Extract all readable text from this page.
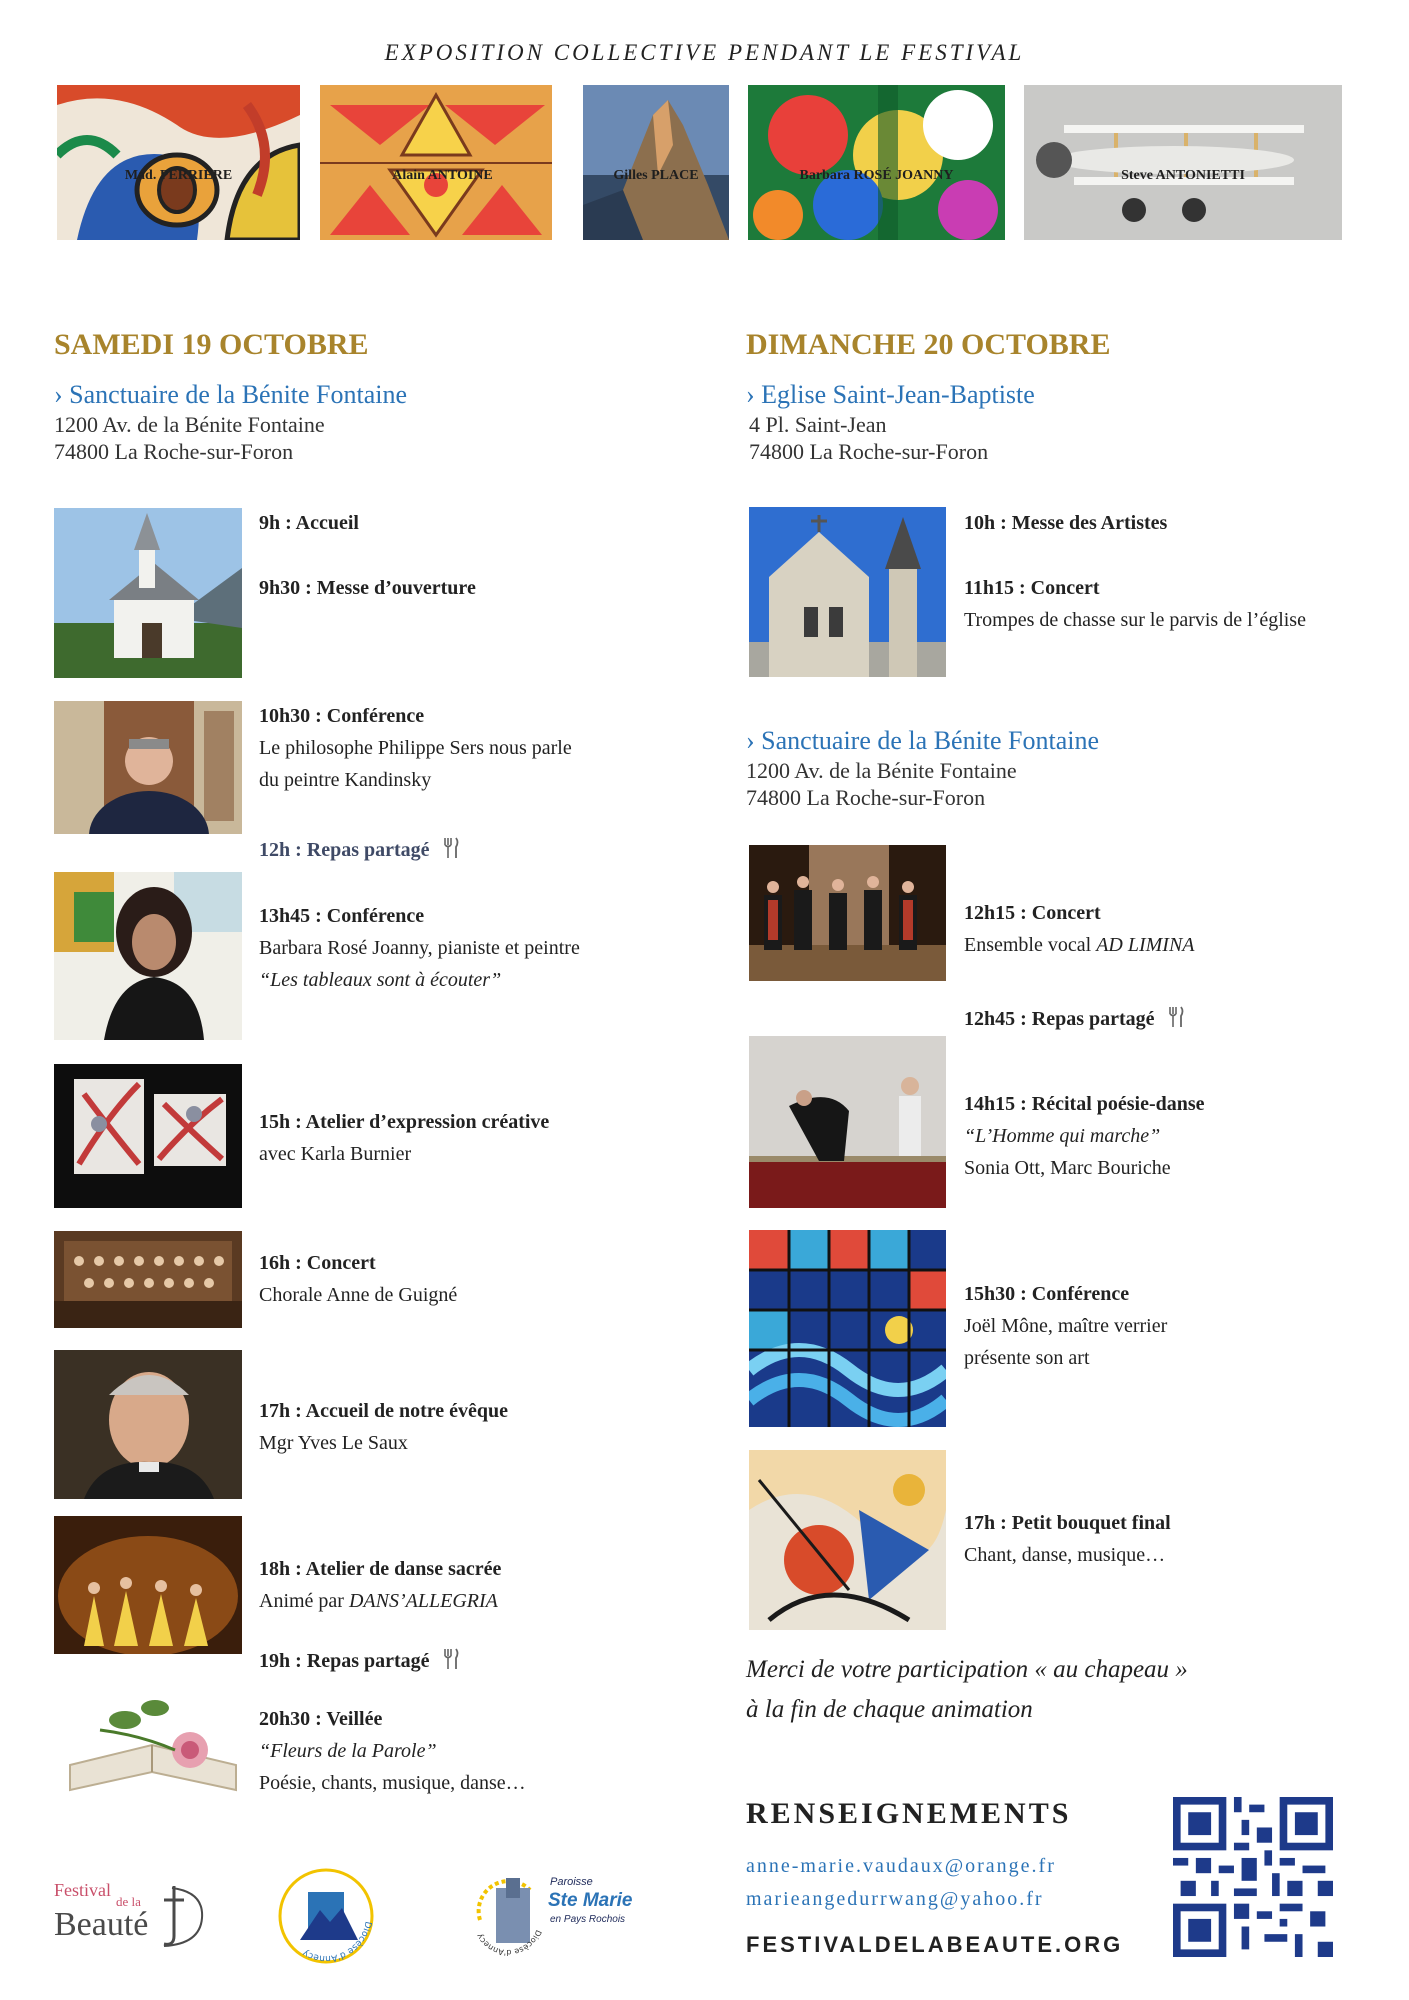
EXPOSITION COLLECTIVE PENDANT LE FESTIVAL
Mad. PERRIÈRE	Alain ANTOINE	Gilles PLACE	Barbara ROSÉ JOANNY	Steve ANTONIETTI
SAMEDI 19 OCTOBRE
› Sanctuaire de la Bénite Fontaine
1200 Av. de la Bénite Fontaine
74800 La Roche-sur-Foron
9h : Accueil
9h30 : Messe d’ouverture
10h30 : Conférence
Le philosophe Philippe Sers nous parle
du peintre Kandinsky
12h : Repas partagé
13h45 : Conférence
Barbara Rosé Joanny, pianiste et peintre
“Les tableaux sont à écouter”
15h : Atelier d’expression créative
avec Karla Burnier
16h : Concert
Chorale Anne de Guigné
17h : Accueil de notre évêque
Mgr Yves Le Saux
18h : Atelier de danse sacrée
Animé par DANS’ALLEGRIA
19h : Repas partagé
20h30 : Veillée
“Fleurs de la Parole”
Poésie, chants, musique, danse…
DIMANCHE 20 OCTOBRE
› Eglise Saint-Jean-Baptiste
4 Pl. Saint-Jean
74800 La Roche-sur-Foron
10h : Messe des Artistes
11h15 : Concert
Trompes de chasse sur le parvis de l’église
› Sanctuaire de la Bénite Fontaine
1200 Av. de la Bénite Fontaine
74800 La Roche-sur-Foron
12h15 : Concert
Ensemble vocal AD LIMINA
12h45 : Repas partagé
14h15 : Récital poésie-danse
“L’Homme qui marche”
Sonia Ott, Marc Bouriche
15h30 : Conférence
Joël Mône, maître verrier
présente son art
17h : Petit bouquet final
Chant, danse, musique…
Merci de votre participation « au chapeau »
à la fin de chaque animation
RENSEIGNEMENTS
anne-marie.vaudaux@orange.fr
marieangedurrwang@yahoo.fr
FESTIVALDELABEAUTE.ORG
Festival
de la
Beauté	Diocèse d'Annecy
Diocèse d'Annecy
Paroisse
Ste Marie
en Pays Rochois
